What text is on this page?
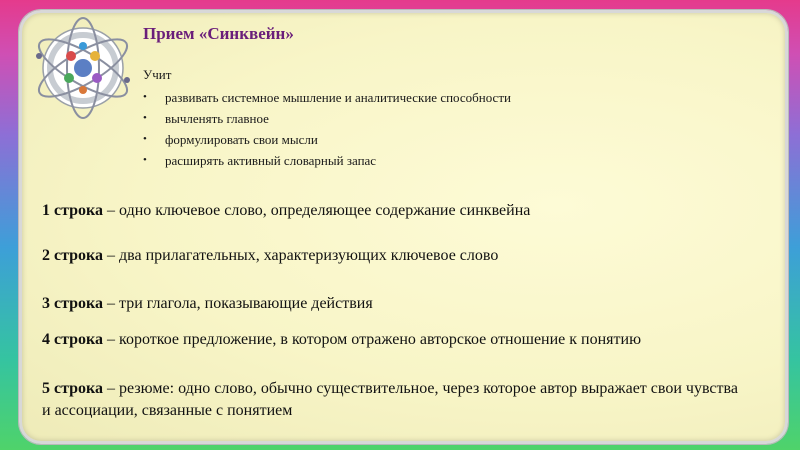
Прием «Синквейн»
Учит
• развивать системное мышление и аналитические способности
• вычленять главное
• формулировать свои мысли
• расширять активный словарный запас
1 строка – одно ключевое слово, определяющее содержание синквейна
2 строка – два прилагательных, характеризующих ключевое слово
3 строка – три глагола, показывающие действия
4 строка – короткое предложение, в котором отражено авторское отношение к понятию
5 строка – резюме: одно слово, обычно существительное, через которое автор выражает свои чувства и ассоциации, связанные с понятием
